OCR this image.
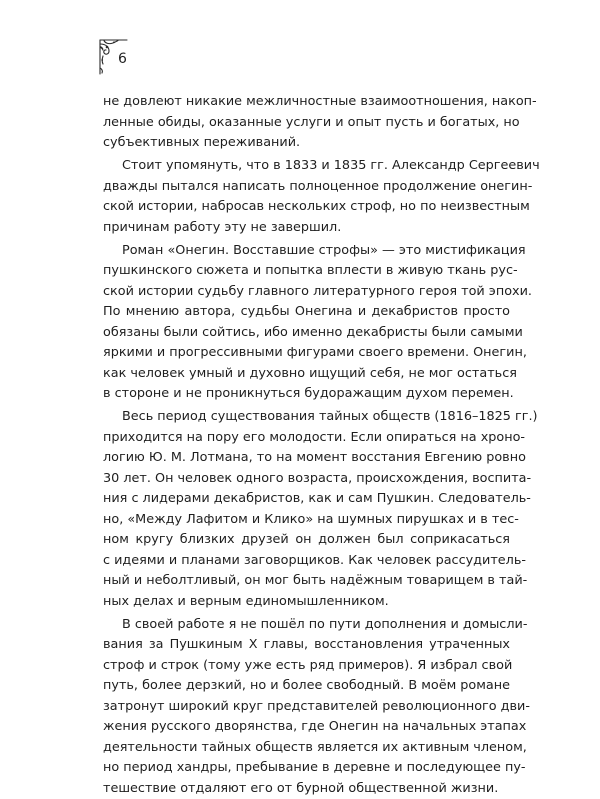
6

не довлеют никакие межличностные взаимоотношения, накоп-
ленные обиды, оказанные услуги и опыт пусть и богатых, но
субъективных переживаний.

Стоит упомянуть, что в 1833 и 1835 гг. Александр Сергеевич
дважды пытался написать полноценное продолжение онегин-
ской истории, набросав нескольких строф, но по неизвестным
причинам работу эту не завершил.

Роман «Онегин. Восставшие строфы» — это мистификация
пушкинского сюжета и попытка вплести в живую ткань рус-
ской истории судьбу главного литературного героя той эпохи.
По мнению автора, судьбы Онегина и декабристов просто
обязаны были сойтись, ибо именно декабристы были самыми
яркими и прогрессивными фигурами своего времени. Онегин,
как человек умный и духовно ищущий себя, не мог остаться
в стороне и не проникнуться будоражащим духом перемен.

Весь период существования тайных обществ (1816–1825 гг.)
приходится на пору его молодости. Если опираться на хроно-
логию Ю. М. Лотмана, то на момент восстания Евгению ровно
30 лет. Он человек одного возраста, происхождения, воспита-
ния с лидерами декабристов, как и сам Пушкин. Следователь-
но, «Между Лафитом и Клико» на шумных пирушках и в тес-
ном кругу близких друзей он должен был соприкасаться
с идеями и планами заговорщиков. Как человек рассудитель-
ный и неболтливый, он мог быть надёжным товарищем в тай-
ных делах и верным единомышленником.

В своей работе я не пошёл по пути дополнения и домысли-
вания за Пушкиным X главы, восстановления утраченных
строф и строк (тому уже есть ряд примеров). Я избрал свой
путь, более дерзкий, но и более свободный. В моём романе
затронут широкий круг представителей революционного дви-
жения русского дворянства, где Онегин на начальных этапах
деятельности тайных обществ является их активным членом,
но период хандры, пребывание в деревне и последующее пу-
тешествие отдаляют его от бурной общественной жизни.
